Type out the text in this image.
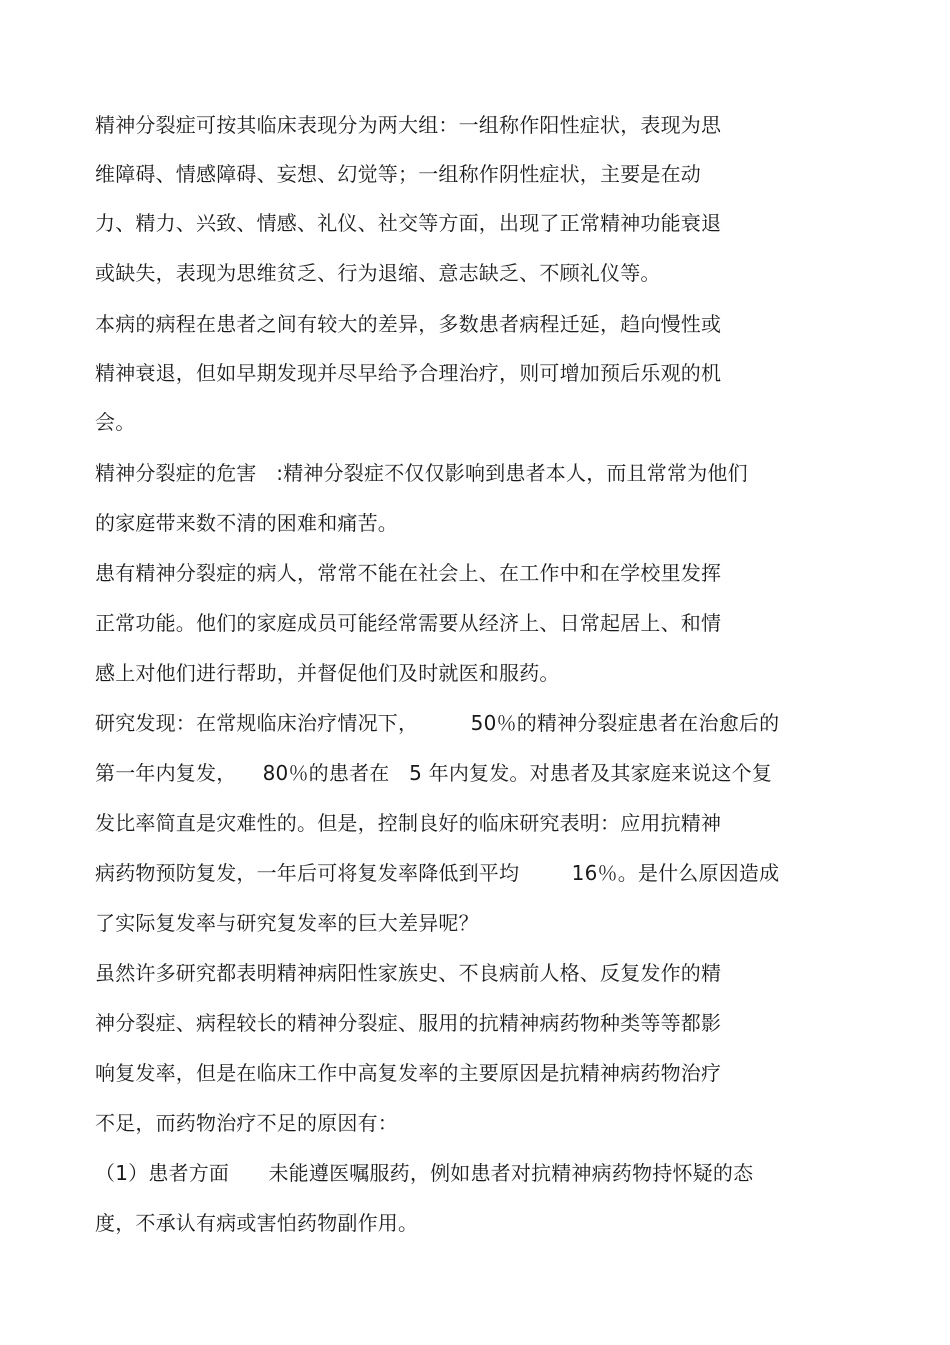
精神分裂症可按其临床表现分为两大组：一组称作阳性症状，表现为思
维障碍、情感障碍、妄想、幻觉等；一组称作阴性症状，主要是在动
力、精力、兴致、情感、礼仪、社交等方面，出现了正常精神功能衰退
或缺失，表现为思维贫乏、行为退缩、意志缺乏、不顾礼仪等。
本病的病程在患者之间有较大的差异，多数患者病程迁延，趋向慢性或
精神衰退，但如早期发现并尽早给予合理治疗，则可增加预后乐观的机
会。
精神分裂症的危害   :精神分裂症不仅仅影响到患者本人，而且常常为他们
的家庭带来数不清的困难和痛苦。
患有精神分裂症的病人，常常不能在社会上、在工作中和在学校里发挥
正常功能。他们的家庭成员可能经常需要从经济上、日常起居上、和情
感上对他们进行帮助，并督促他们及时就医和服药。
研究发现：在常规临床治疗情况下，        50％的精神分裂症患者在治愈后的
第一年内复发，    80％的患者在   5 年内复发。对患者及其家庭来说这个复
发比率简直是灾难性的。但是，控制良好的临床研究表明：应用抗精神
病药物预防复发，一年后可将复发率降低到平均        16％。是什么原因造成
了实际复发率与研究复发率的巨大差异呢？
虽然许多研究都表明精神病阳性家族史、不良病前人格、反复发作的精
神分裂症、病程较长的精神分裂症、服用的抗精神病药物种类等等都影
响复发率，但是在临床工作中高复发率的主要原因是抗精神病药物治疗
不足，而药物治疗不足的原因有：
（1）患者方面      未能遵医嘱服药，例如患者对抗精神病药物持怀疑的态
度，不承认有病或害怕药物副作用。
